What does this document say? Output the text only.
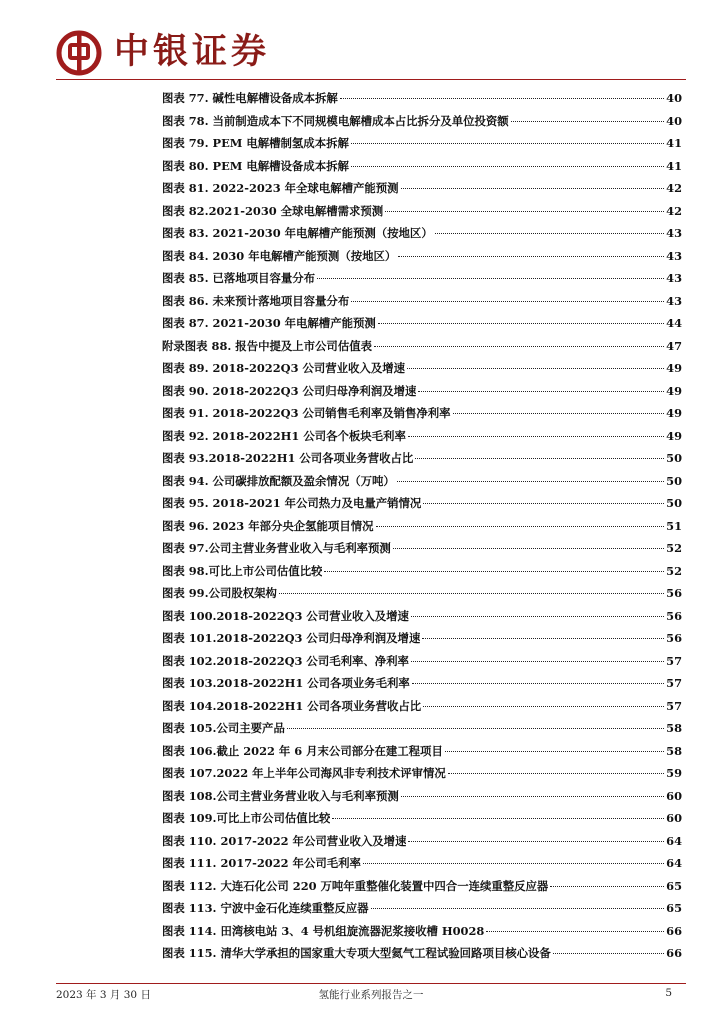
中银证券
图表 77. 碱性电解槽设备成本拆解	40
图表 78. 当前制造成本下不同规模电解槽成本占比拆分及单位投资额	40
图表 79. PEM 电解槽制氢成本拆解	41
图表 80. PEM 电解槽设备成本拆解	41
图表 81. 2022-2023 年全球电解槽产能预测	42
图表 82.2021-2030 全球电解槽需求预测	42
图表 83. 2021-2030 年电解槽产能预测（按地区）	43
图表 84. 2030 年电解槽产能预测（按地区）	43
图表 85. 已落地项目容量分布	43
图表 86. 未来预计落地项目容量分布	43
图表 87. 2021-2030 年电解槽产能预测	44
附录图表 88. 报告中提及上市公司估值表	47
图表 89. 2018-2022Q3 公司营业收入及增速	49
图表 90. 2018-2022Q3 公司归母净利润及增速	49
图表 91. 2018-2022Q3 公司销售毛利率及销售净利率	49
图表 92. 2018-2022H1 公司各个板块毛利率	49
图表 93.2018-2022H1 公司各项业务营收占比	50
图表 94. 公司碳排放配额及盈余情况（万吨）	50
图表 95. 2018-2021 年公司热力及电量产销情况	50
图表 96. 2023 年部分央企氢能项目情况	51
图表 97.公司主营业务营业收入与毛利率预测	52
图表 98.可比上市公司估值比较	52
图表 99.公司股权架构	56
图表 100.2018-2022Q3 公司营业收入及增速	56
图表 101.2018-2022Q3 公司归母净利润及增速	56
图表 102.2018-2022Q3 公司毛利率、净利率	57
图表 103.2018-2022H1 公司各项业务毛利率	57
图表 104.2018-2022H1 公司各项业务营收占比	57
图表 105.公司主要产品	58
图表 106.截止 2022 年 6 月末公司部分在建工程项目	58
图表 107.2022 年上半年公司海风非专利技术评审情况	59
图表 108.公司主营业务营业收入与毛利率预测	60
图表 109.可比上市公司估值比较	60
图表 110. 2017-2022 年公司营业收入及增速	64
图表 111. 2017-2022 年公司毛利率	64
图表 112. 大连石化公司 220 万吨年重整催化装置中四合一连续重整反应器	65
图表 113. 宁波中金石化连续重整反应器	65
图表 114. 田湾核电站 3、4 号机组旋流器泥浆接收槽 H0028	66
图表 115. 清华大学承担的国家重大专项大型氦气工程试验回路项目核心设备	66
2023 年 3 月 30 日	氢能行业系列报告之一	5
